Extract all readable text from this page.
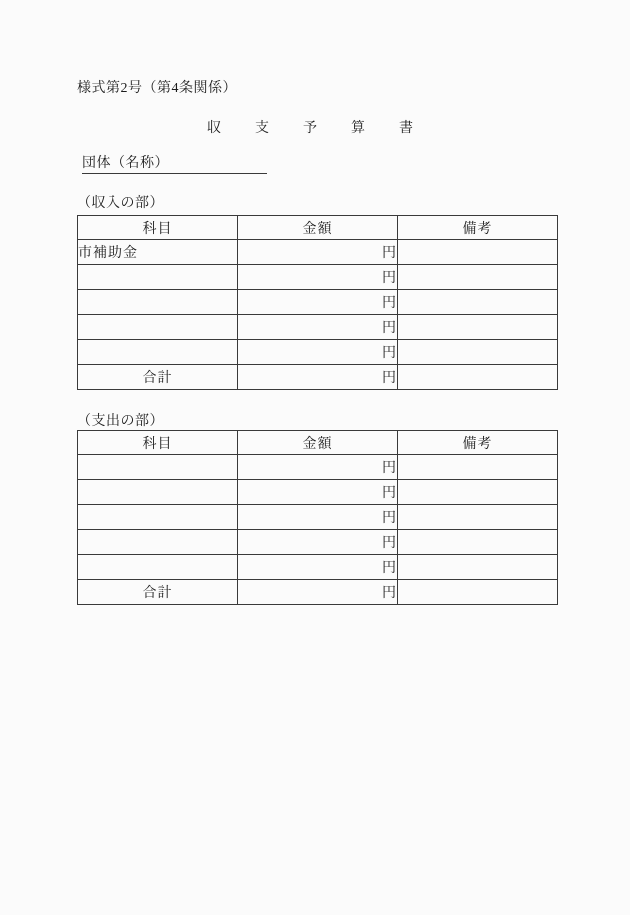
様式第2号（第4条関係）
収　支　予　算　書
団体（名称）
（収入の部）
科目	金額	備考
市補助金	円	
	円	
	円	
	円	
	円	
合計	円	
（支出の部）
科目	金額	備考
	円	
	円	
	円	
	円	
	円	
合計	円	
